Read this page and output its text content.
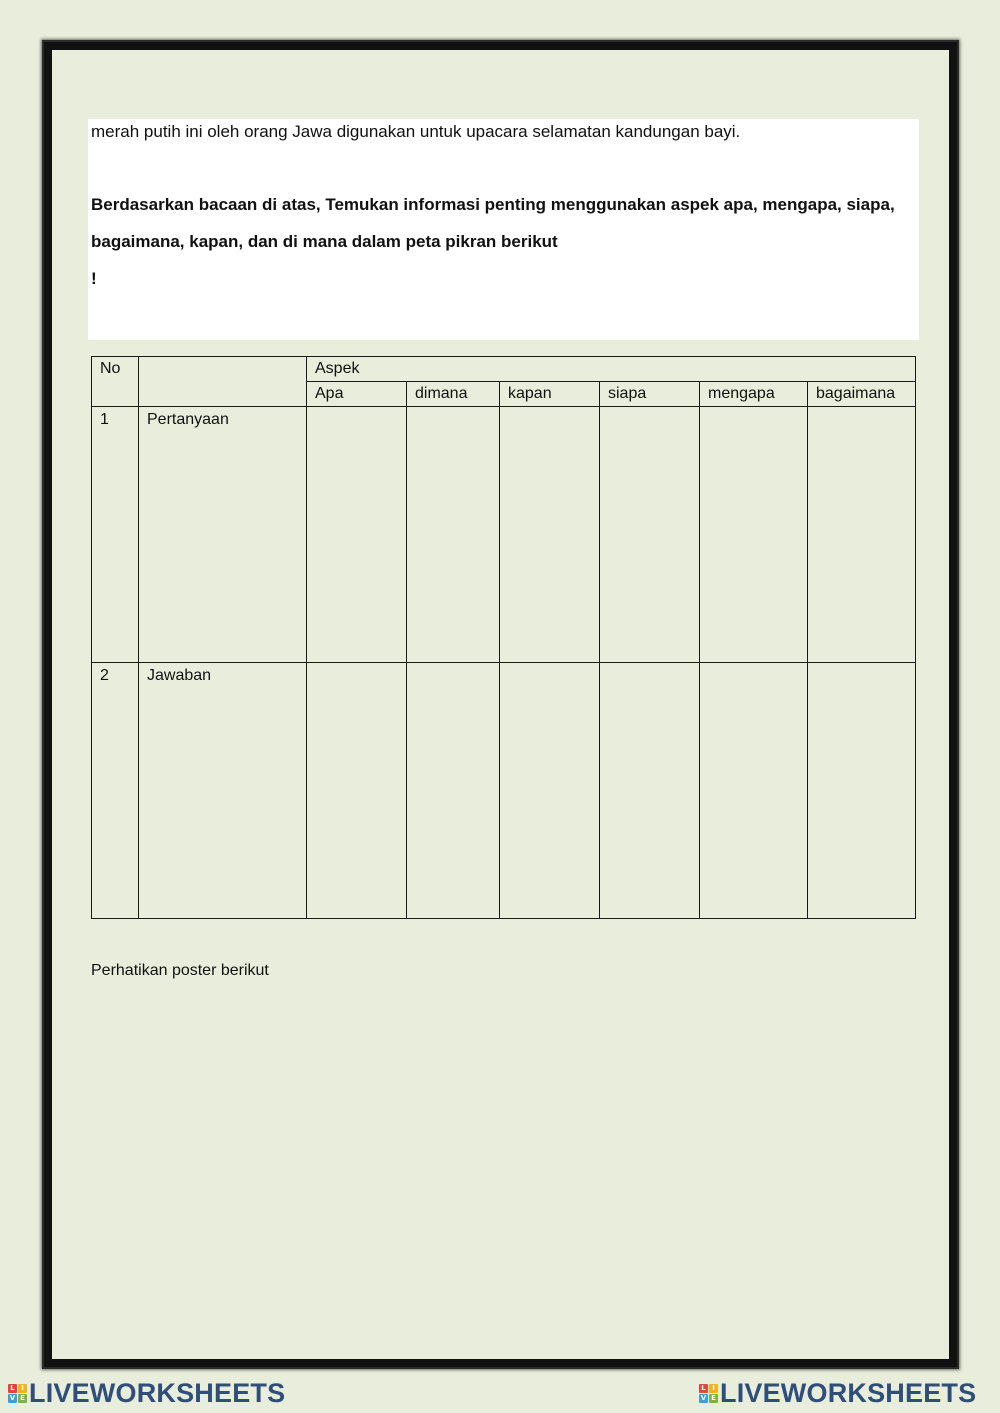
merah putih ini oleh orang Jawa digunakan untuk upacara selamatan kandungan bayi.

Berdasarkan bacaan di atas, Temukan informasi penting menggunakan aspek apa, mengapa, siapa,

bagaimana, kapan, dan di mana dalam peta pikran berikut

!

No		Aspek					
		Apa	dimana	kapan	siapa	mengapa	bagaimana
1	Pertanyaan						
2	Jawaban						

Perhatikan poster berikut

L I
V E LIVEWORKSHEETS	L I
V E LIVEWORKSHEETS
